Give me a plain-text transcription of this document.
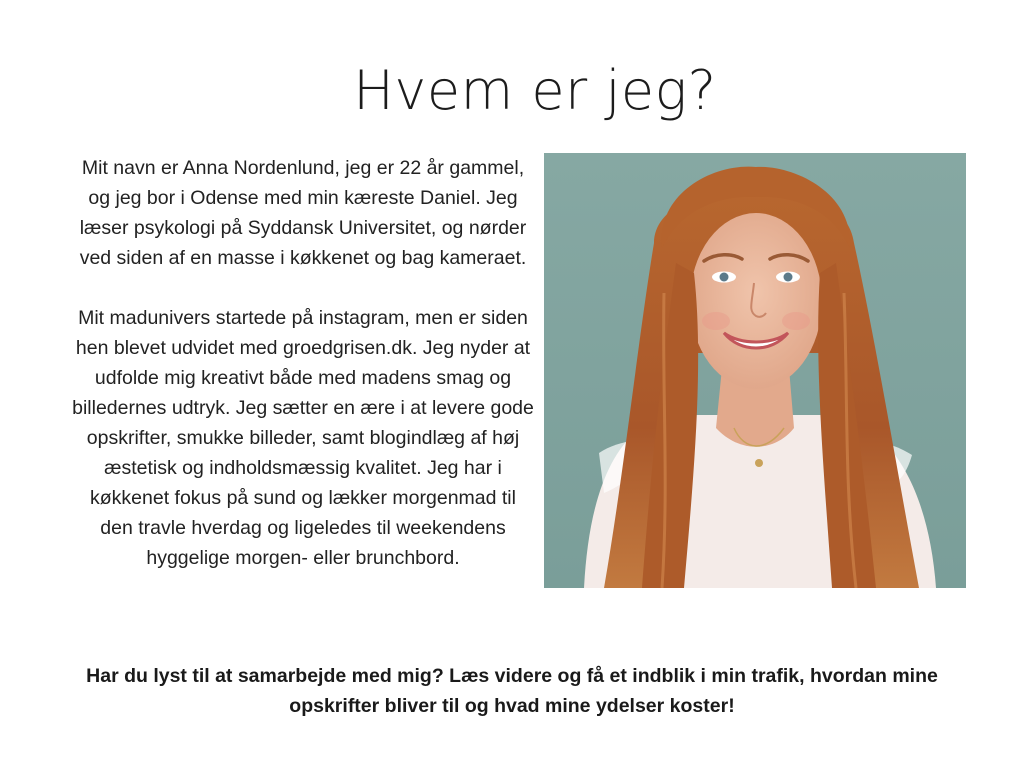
Hvem er jeg?

Mit navn er Anna Nordenlund, jeg er 22 år gammel, og jeg bor i Odense med min kæreste Daniel. Jeg læser psykologi på Syddansk Universitet, og nørder ved siden af en masse i køkkenet og bag kameraet.

Mit madunivers startede på instagram, men er siden hen blevet udvidet med groedgrisen.dk. Jeg nyder at udfolde mig kreativt både med madens smag og billedernes udtryk. Jeg sætter en ære i at levere gode opskrifter, smukke billeder, samt blogindlæg af høj æstetisk og indholdsmæssig kvalitet. Jeg har i køkkenet fokus på sund og lækker morgenmad til den travle hverdag og ligeledes til weekendens hyggelige morgen- eller brunchbord.

Har du lyst til at samarbejde med mig? Læs videre og få et indblik i min trafik, hvordan mine opskrifter bliver til og hvad mine ydelser koster!
